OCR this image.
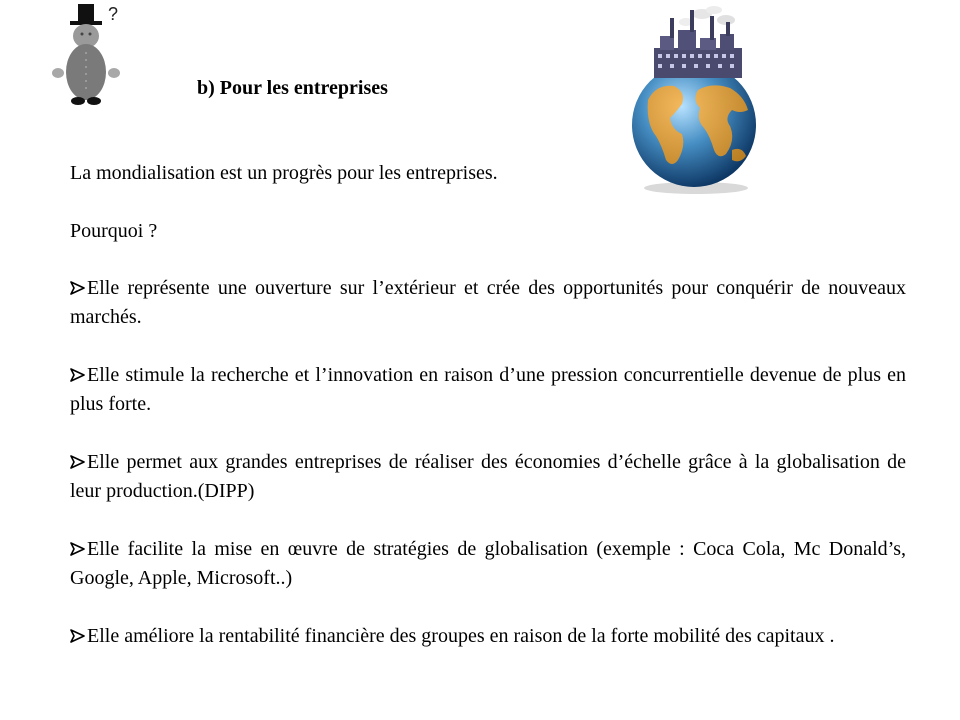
?
b) Pour les entreprises
La mondialisation est un progrès pour les entreprises.
Pourquoi ?
Elle représente une ouverture sur l’extérieur et crée des opportunités pour conquérir de nouveaux marchés.
Elle stimule la recherche et l’innovation en raison d’une pression concurrentielle devenue de plus en plus forte.
Elle permet aux grandes entreprises de réaliser des économies d’échelle grâce à la globalisation de leur production.(DIPP)
Elle facilite la mise en œuvre de stratégies de globalisation (exemple : Coca Cola, Mc Donald’s, Google, Apple, Microsoft..)
Elle améliore la rentabilité financière des groupes en raison de la forte mobilité des capitaux .
